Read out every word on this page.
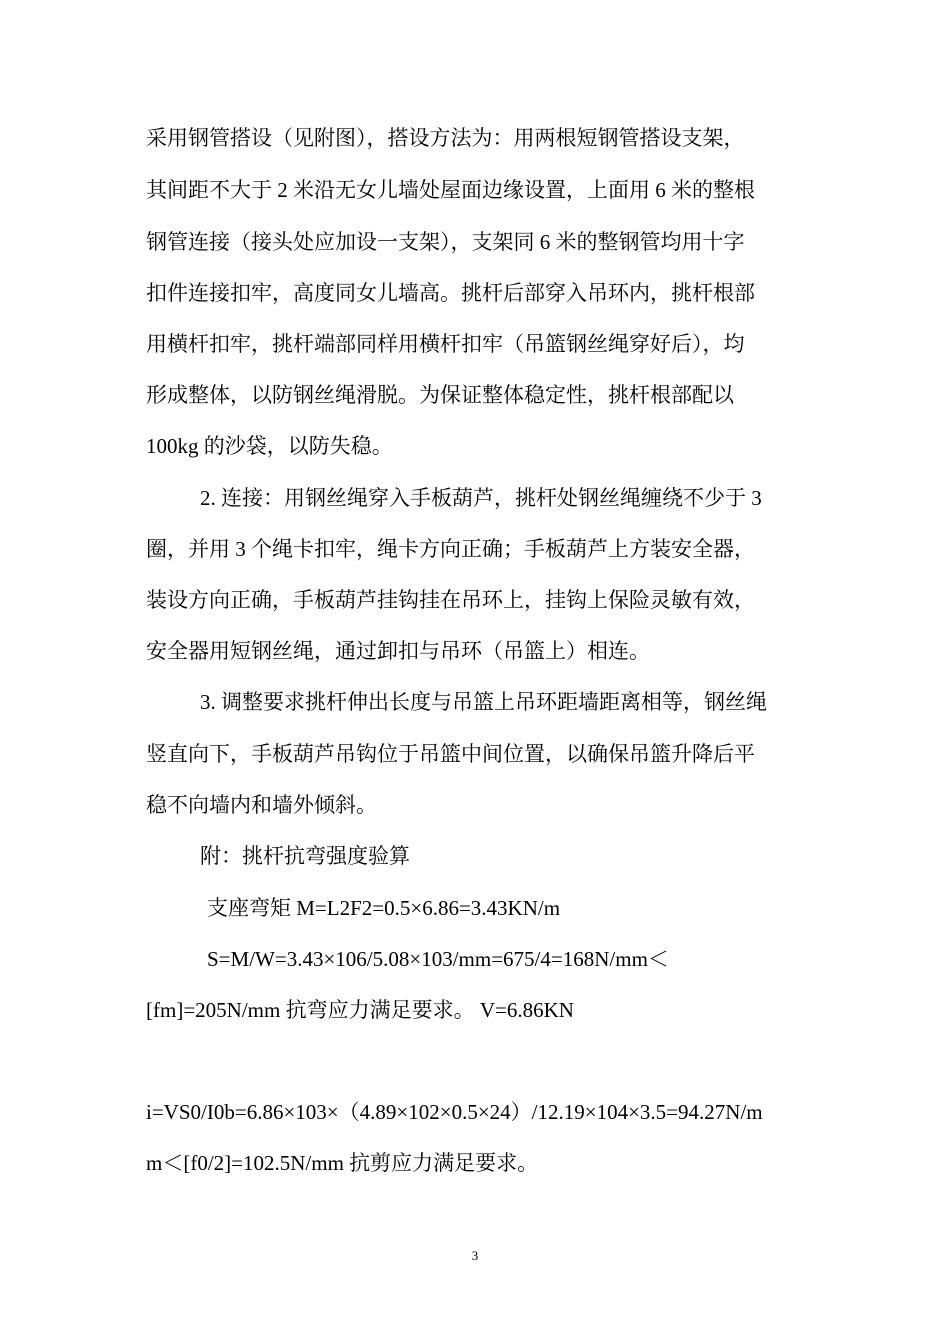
采用钢管搭设（见附图），搭设方法为：用两根短钢管搭设支架，
其间距不大于 2 米沿无女儿墙处屋面边缘设置，上面用 6 米的整根
钢管连接（接头处应加设一支架），支架同 6 米的整钢管均用十字
扣件连接扣牢，高度同女儿墙高。挑杆后部穿入吊环内，挑杆根部
用横杆扣牢，挑杆端部同样用横杆扣牢（吊篮钢丝绳穿好后），均
形成整体，以防钢丝绳滑脱。为保证整体稳定性，挑杆根部配以
100kg 的沙袋，以防失稳。
2. 连接：用钢丝绳穿入手板葫芦，挑杆处钢丝绳缠绕不少于 3
圈，并用 3 个绳卡扣牢，绳卡方向正确；手板葫芦上方装安全器，
装设方向正确，手板葫芦挂钩挂在吊环上，挂钩上保险灵敏有效，
安全器用短钢丝绳，通过卸扣与吊环（吊篮上）相连。
3. 调整要求挑杆伸出长度与吊篮上吊环距墙距离相等，钢丝绳
竖直向下，手板葫芦吊钩位于吊篮中间位置，以确保吊篮升降后平
稳不向墙内和墙外倾斜。
附：挑杆抗弯强度验算
支座弯矩 M=L2F2=0.5×6.86=3.43KN/m
S=M/W=3.43×106/5.08×103/mm=675/4=168N/mm＜
[fm]=205N/mm 抗弯应力满足要求。 V=6.86KN
i=VS0/I0b=6.86×103×（4.89×102×0.5×24）/12.19×104×3.5=94.27N/m
m＜[f0/2]=102.5N/mm 抗剪应力满足要求。
3
